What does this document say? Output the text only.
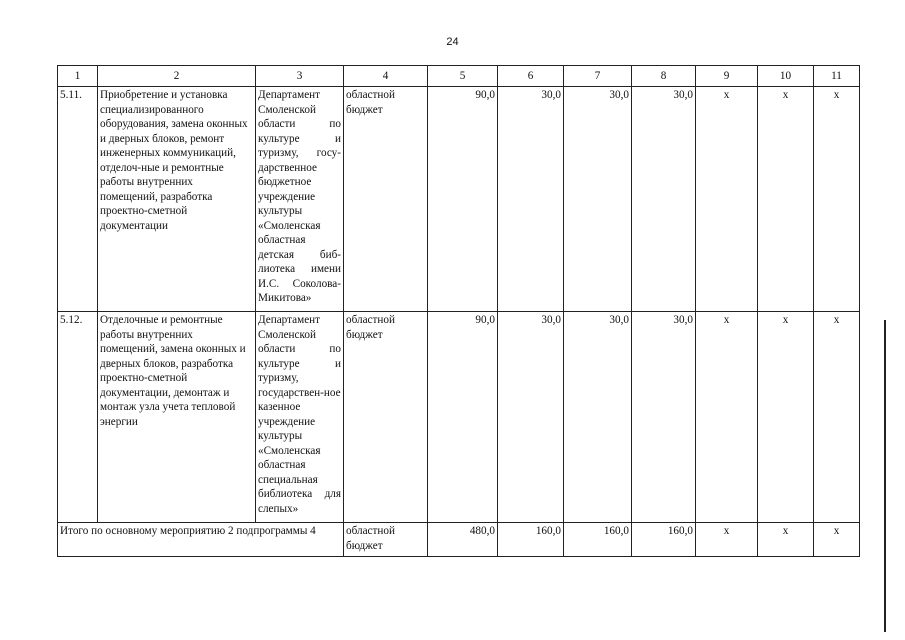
24
1	2	3	4	5	6	7	8	9	10	11
5.11.	Приобретение и установка специализированного оборудования, замена оконных и дверных блоков, ремонт инженерных коммуникаций, отделоч-ные и ремонтные работы внутренних помещений, разработка проектно-сметной документации	Департамент Смоленской области по культуре и туризму, госу-дарственное бюджетное учреждение культуры «Смоленская областная детская биб-лиотека имени И.С. Соколова-Микитова»	областной бюджет	90,0	30,0	30,0	30,0	x	x	x
5.12.	Отделочные и ремонтные работы внутренних помещений, замена оконных и дверных блоков, разработка проектно-сметной документации, демонтаж и монтаж узла учета тепловой энергии	Департамент Смоленской области по культуре и туризму, государствен-ное казенное учреждение культуры «Смоленская областная специальная библиотека для слепых»	областной бюджет	90,0	30,0	30,0	30,0	x	x	x
Итого по основному мероприятию 2 подпрограммы 4			областной бюджет	480,0	160,0	160,0	160,0	x	x	x
